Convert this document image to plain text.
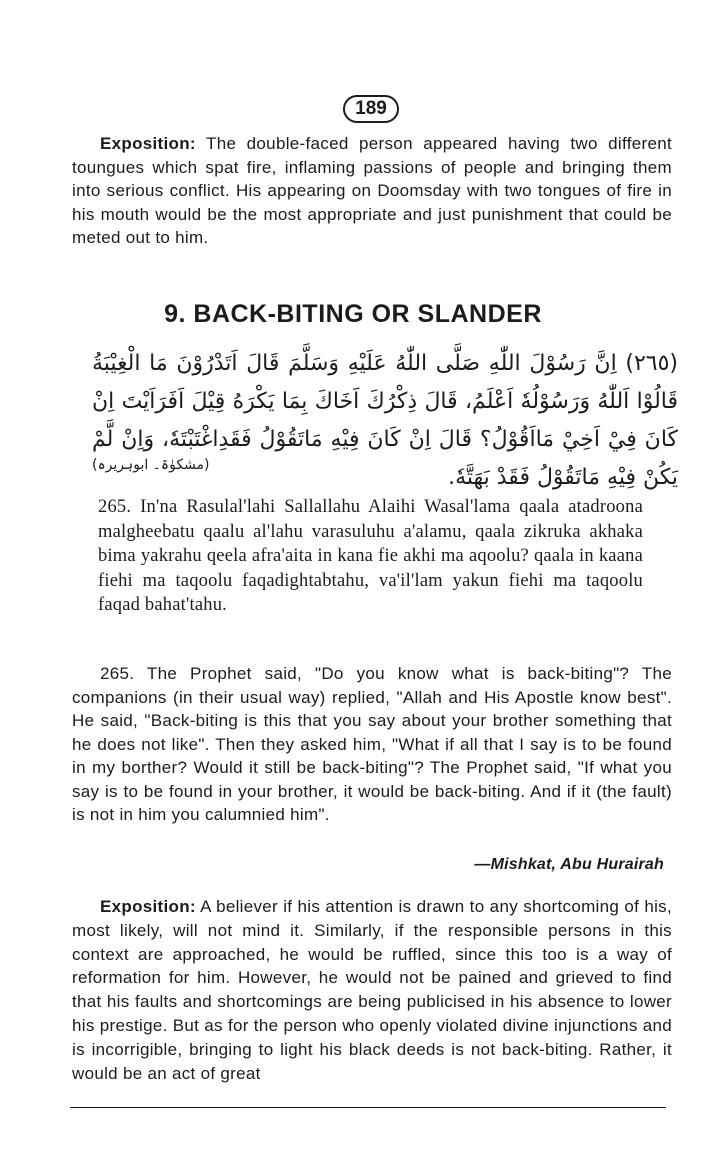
189

Exposition: The double-faced person appeared having two different toungues which spat fire, inflaming passions of people and bringing them into serious conflict. His appearing on Doomsday with two tongues of fire in his mouth would be the most appropriate and just punishment that could be meted out to him.

9. BACK-BITING OR SLANDER

(٢٦٥) اِنَّ رَسُوْلَ اللّٰهِ صَلَّى اللّٰهُ عَلَيْهِ وَسَلَّمَ قَالَ اَتَدْرُوْنَ مَا الْغِيْبَةُ قَالُوْا اَللّٰهُ وَرَسُوْلُهٗ اَعْلَمُ، قَالَ ذِكْرُكَ اَخَاكَ بِمَا يَكْرَهُ قِيْلَ اَفَرَاَيْتَ اِنْ كَانَ فِيْ اَخِيْ مَااَقُوْلُ؟ قَالَ اِنْ كَانَ فِيْهِ مَاتَقُوْلُ فَقَدِاغْتَبْتَهٗ، وَاِنْ لَّمْ يَكُنْ فِيْهِ مَاتَقُوْلُ فَقَدْ بَهَتَّهٗ.

(مشکوٰۃ۔ ابوہریرہ)

265. In'na Rasulal'lahi Sallallahu Alaihi Wasal'lama qaala atadroona malgheebatu qaalu al'lahu varasuluhu a'alamu, qaala zikruka akhaka bima yakrahu qeela afra'aita in kana fie akhi ma aqoolu? qaala in kaana fiehi ma taqoolu faqadightabtahu, va'il'lam yakun fiehi ma taqoolu faqad bahat'tahu.

265. The Prophet said, "Do you know what is back-biting"? The companions (in their usual way) replied, "Allah and His Apostle know best". He said, "Back-biting is this that you say about your brother something that he does not like". Then they asked him, "What if all that I say is to be found in my borther? Would it still be back-biting"? The Prophet said, "If what you say is to be found in your brother, it would be back-biting. And if it (the fault) is not in him you calumnied him".

—Mishkat, Abu Hurairah

Exposition: A believer if his attention is drawn to any shortcoming of his, most likely, will not mind it. Similarly, if the responsible persons in this context are approached, he would be ruffled, since this too is a way of reformation for him. However, he would not be pained and grieved to find that his faults and shortcomings are being publicised in his absence to lower his prestige. But as for the person who openly violated divine injunctions and is incorrigible, bringing to light his black deeds is not back-biting. Rather, it would be an act of great
